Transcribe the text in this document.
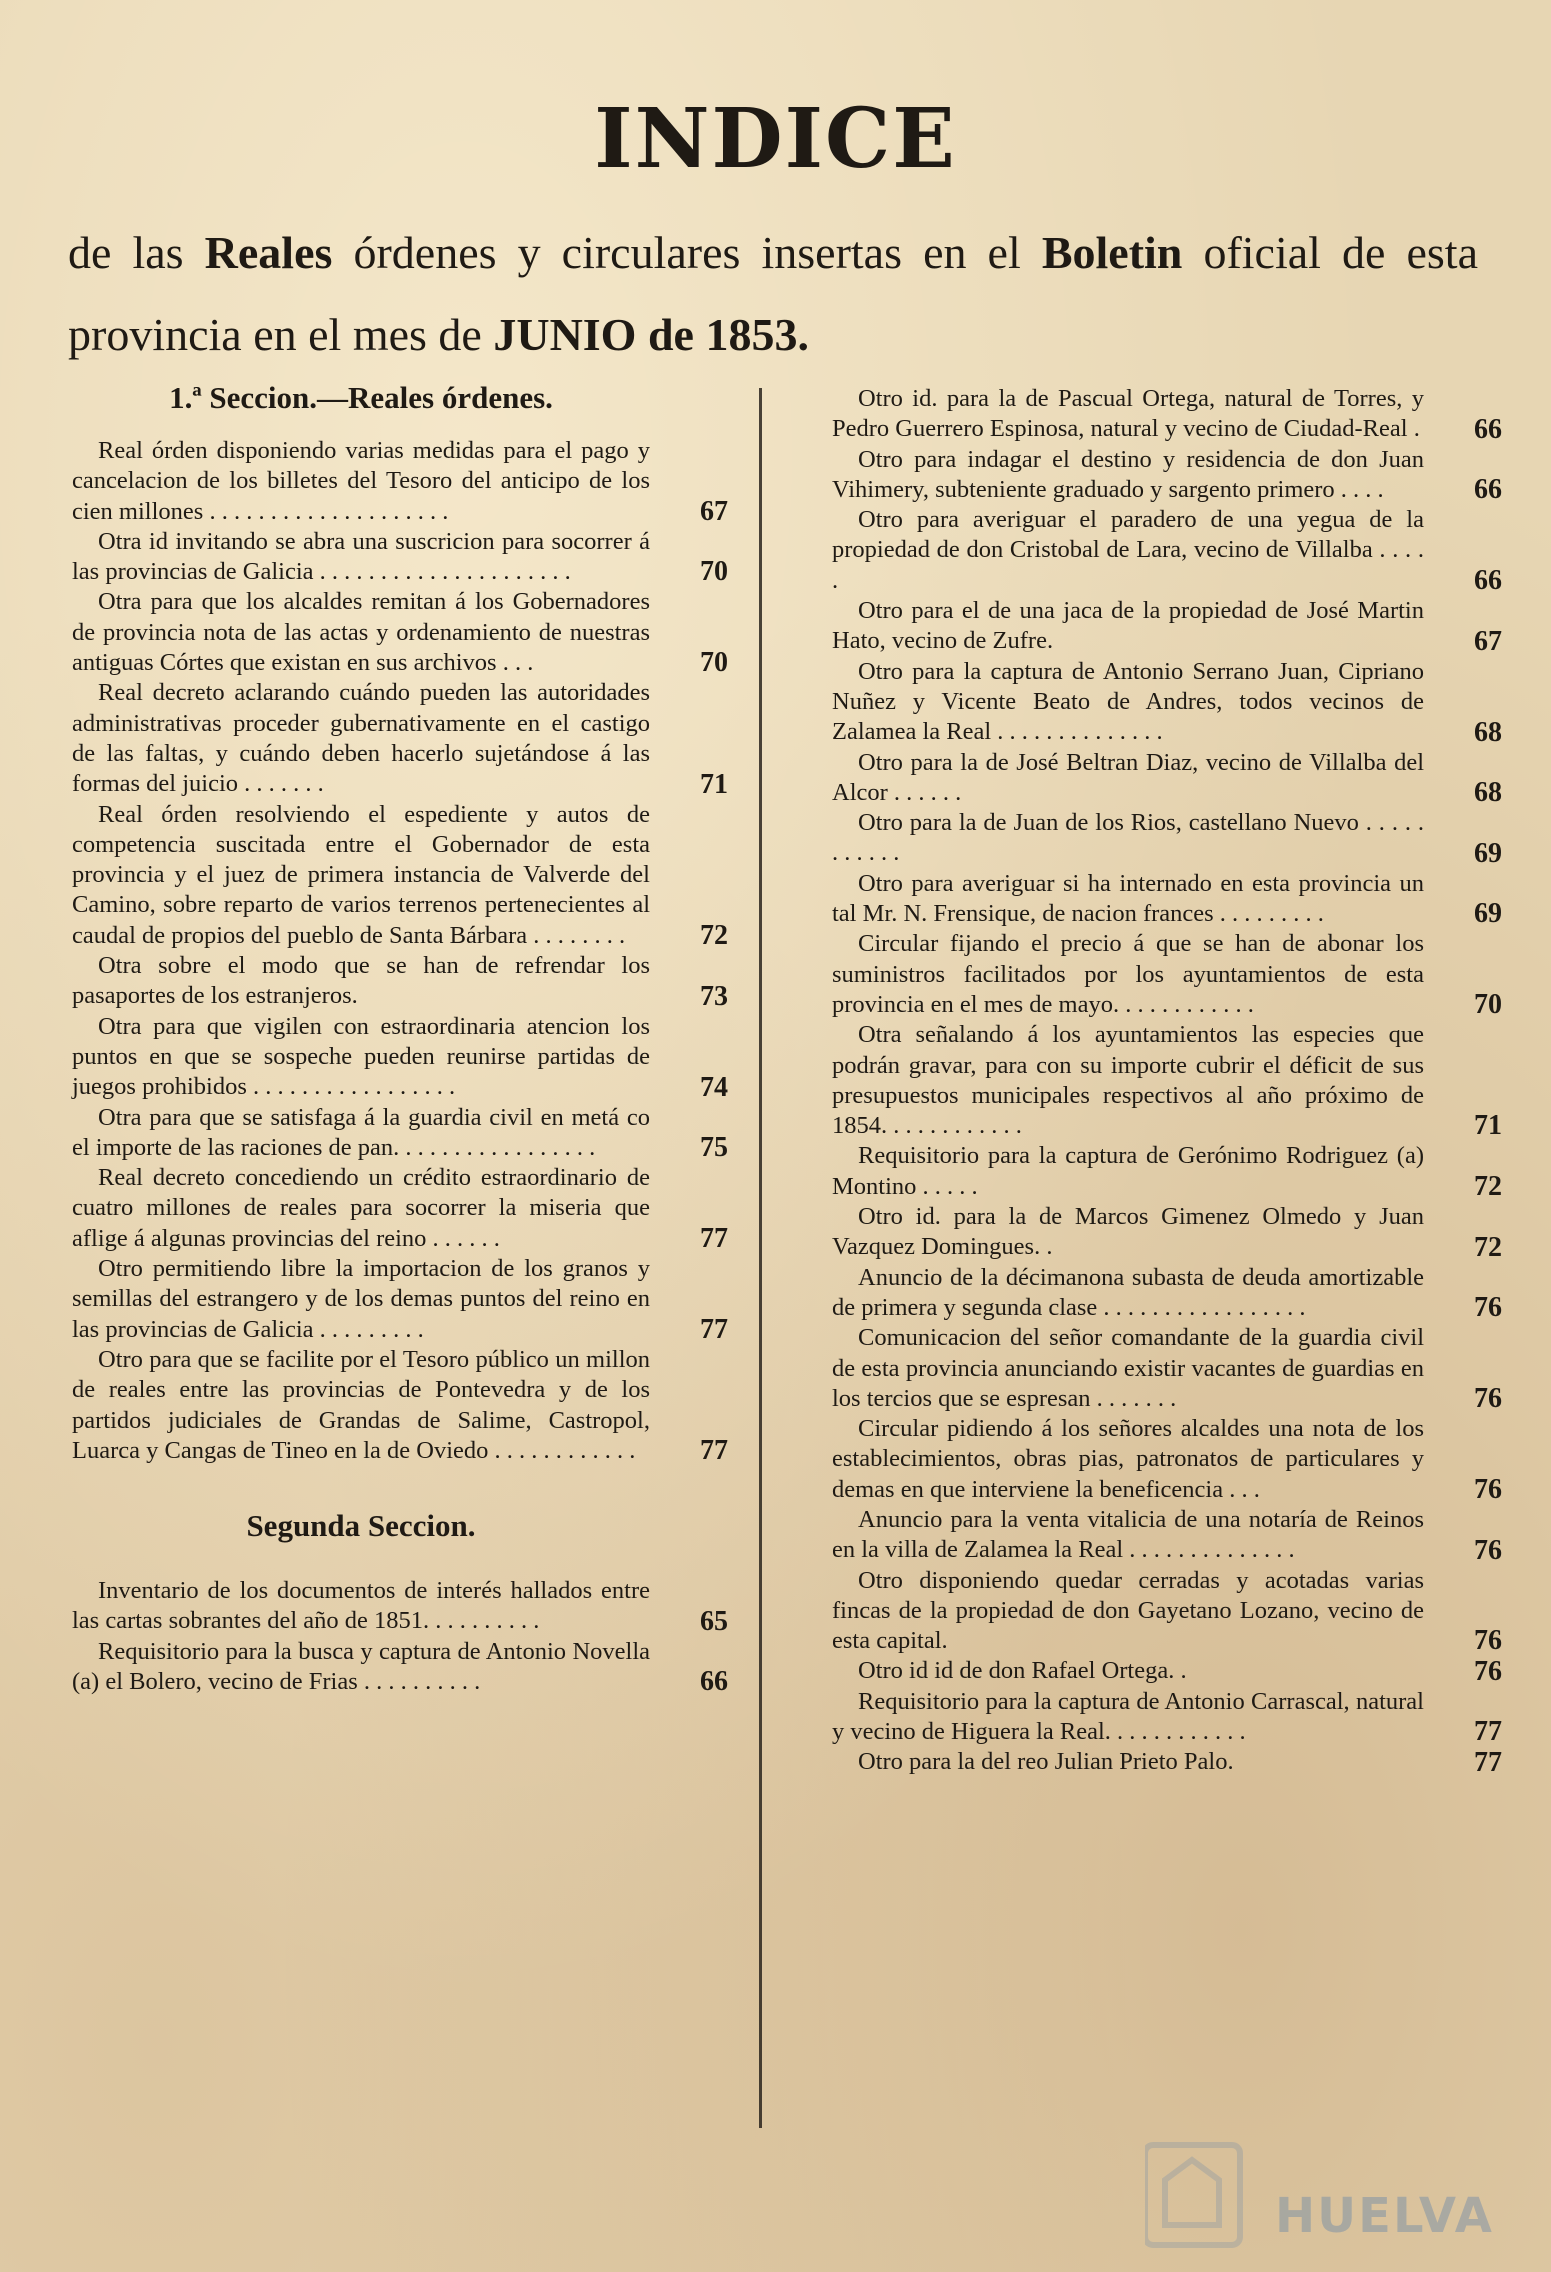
INDICE
de las Reales órdenes y circulares insertas en el Boletin oficial de esta provincia en el mes de JUNIO de 1853.
1.ª Seccion.—Reales órdenes.
Real órden disponiendo varias medidas para el pago y cancelacion de los billetes del Tesoro del anticipo de los cien millones . . . . . . . . . . . . . . . . . . . .	67
Otra id invitando se abra una suscricion para socorrer á las provincias de Galicia . . . . . . . . . . . . . . . . . . . . .	70
Otra para que los alcaldes remitan á los Gobernadores de provincia nota de las actas y ordenamiento de nuestras antiguas Córtes que existan en sus archivos . . .	70
Real decreto aclarando cuándo pueden las autoridades administrativas proceder gubernativamente en el castigo de las faltas, y cuándo deben hacerlo sujetándose á las formas del juicio . . . . . . .	71
Real órden resolviendo el espediente y autos de competencia suscitada entre el Gobernador de esta provincia y el juez de primera instancia de Valverde del Camino, sobre reparto de varios terrenos pertenecientes al caudal de propios del pueblo de Santa Bárbara . . . . . . . .	72
Otra sobre el modo que se han de refrendar los pasaportes de los estranjeros.	73
Otra para que vigilen con estraordinaria atencion los puntos en que se sospeche pueden reunirse partidas de juegos prohibidos . . . . . . . . . . . . . . . . .	74
Otra para que se satisfaga á la guardia civil en metá co el importe de las raciones de pan. . . . . . . . . . . . . . . . .	75
Real decreto concediendo un crédito estraordinario de cuatro millones de reales para socorrer la miseria que aflige á algunas provincias del reino . . . . . .	77
Otro permitiendo libre la importacion de los granos y semillas del estrangero y de los demas puntos del reino en las provincias de Galicia . . . . . . . . .	77
Otro para que se facilite por el Tesoro público un millon de reales entre las provincias de Pontevedra y de los partidos judiciales de Grandas de Salime, Castropol, Luarca y Cangas de Tineo en la de Oviedo . . . . . . . . . . . .	77
Segunda Seccion.
Inventario de los documentos de interés hallados entre las cartas sobrantes del año de 1851. . . . . . . . . .	65
Requisitorio para la busca y captura de Antonio Novella (a) el Bolero, vecino de Frias . . . . . . . . . .	66
Otro id. para la de Pascual Ortega, natural de Torres, y Pedro Guerrero Espinosa, natural y vecino de Ciudad-Real . 66
Otro para indagar el destino y residencia de don Juan Vihimery, subteniente graduado y sargento primero . . . .	66
Otro para averiguar el paradero de una yegua de la propiedad de don Cristobal de Lara, vecino de Villalba . . . . .	66
Otro para el de una jaca de la propiedad de José Martin Hato, vecino de Zufre.	67
Otro para la captura de Antonio Serrano Juan, Cipriano Nuñez y Vicente Beato de Andres, todos vecinos de Zalamea la Real . . . . . . . . . . . . . .	68
Otro para la de José Beltran Diaz, vecino de Villalba del Alcor . . . . . .	68
Otro para la de Juan de los Rios, castellano Nuevo . . . . . . . . . . .	69
Otro para averiguar si ha internado en esta provincia un tal Mr. N. Frensique, de nacion frances . . . . . . . . .	69
Circular fijando el precio á que se han de abonar los suministros facilitados por los ayuntamientos de esta provincia en el mes de mayo. . . . . . . . . . . .	70
Otra señalando á los ayuntamientos las especies que podrán gravar, para con su importe cubrir el déficit de sus presupuestos municipales respectivos al año próximo de 1854. . . . . . . . . . . .	71
Requisitorio para la captura de Gerónimo Rodriguez (a) Montino . . . . .	72
Otro id. para la de Marcos Gimenez Olmedo y Juan Vazquez Domingues. .	72
Anuncio de la décimanona subasta de deuda amortizable de primera y segunda clase . . . . . . . . . . . . . . . . .	76
Comunicacion del señor comandante de la guardia civil de esta provincia anunciando existir vacantes de guardias en los tercios que se espresan . . . . . . .	76
Circular pidiendo á los señores alcaldes una nota de los establecimientos, obras pias, patronatos de particulares y demas en que interviene la beneficencia . . .	76
Anuncio para la venta vitalicia de una notaría de Reinos en la villa de Zalamea la Real . . . . . . . . . . . . . .	76
Otro disponiendo quedar cerradas y acotadas varias fincas de la propiedad de don Gayetano Lozano, vecino de esta capital.	76
Otro id id de don Rafael Ortega. .	76
Requisitorio para la captura de Antonio Carrascal, natural y vecino de Higuera la Real. . . . . . . . . . . .	77
Otro para la del reo Julian Prieto Palo.	77
HUELVA
